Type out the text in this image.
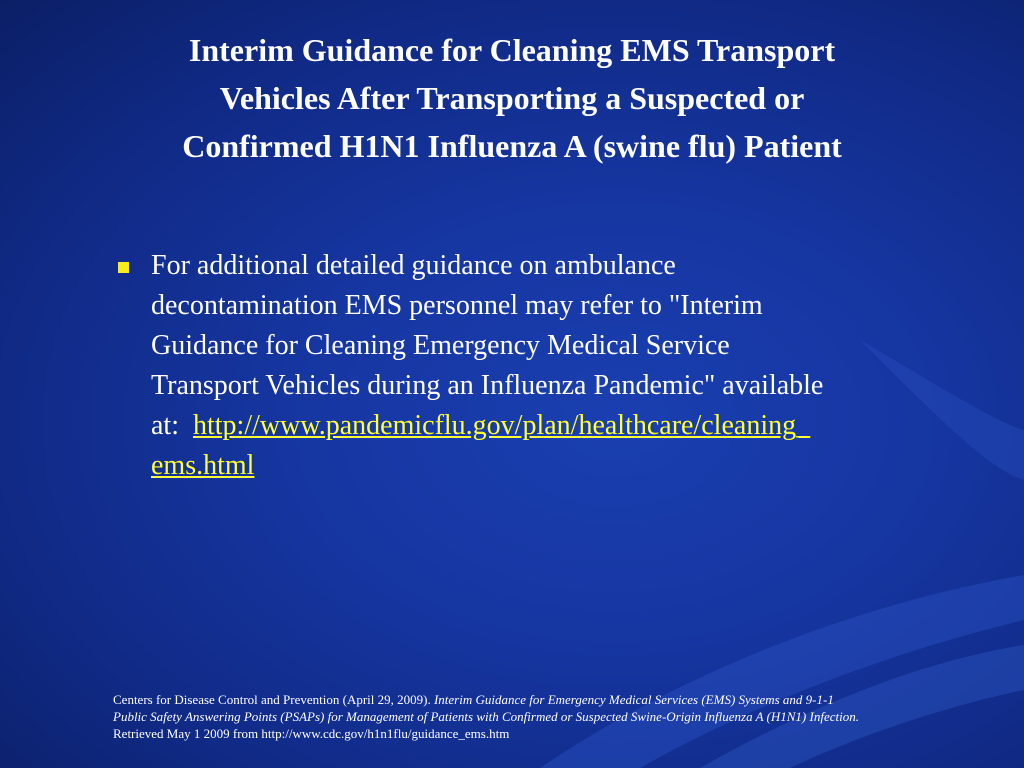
Interim Guidance for Cleaning EMS Transport
Vehicles After Transporting a Suspected or
Confirmed H1N1 Influenza A (swine flu) Patient
For additional detailed guidance on ambulance
decontamination EMS personnel may refer to "Interim
Guidance for Cleaning Emergency Medical Service
Transport Vehicles during an Influenza Pandemic" available
at:  http://www.pandemicflu.gov/plan/healthcare/cleaning_
ems.html
Centers for Disease Control and Prevention (April 29, 2009). Interim Guidance for Emergency Medical Services (EMS) Systems and 9-1-1
Public Safety Answering Points (PSAPs) for Management of Patients with Confirmed or Suspected Swine-Origin Influenza A (H1N1) Infection.
Retrieved May 1 2009 from http://www.cdc.gov/h1n1flu/guidance_ems.htm
